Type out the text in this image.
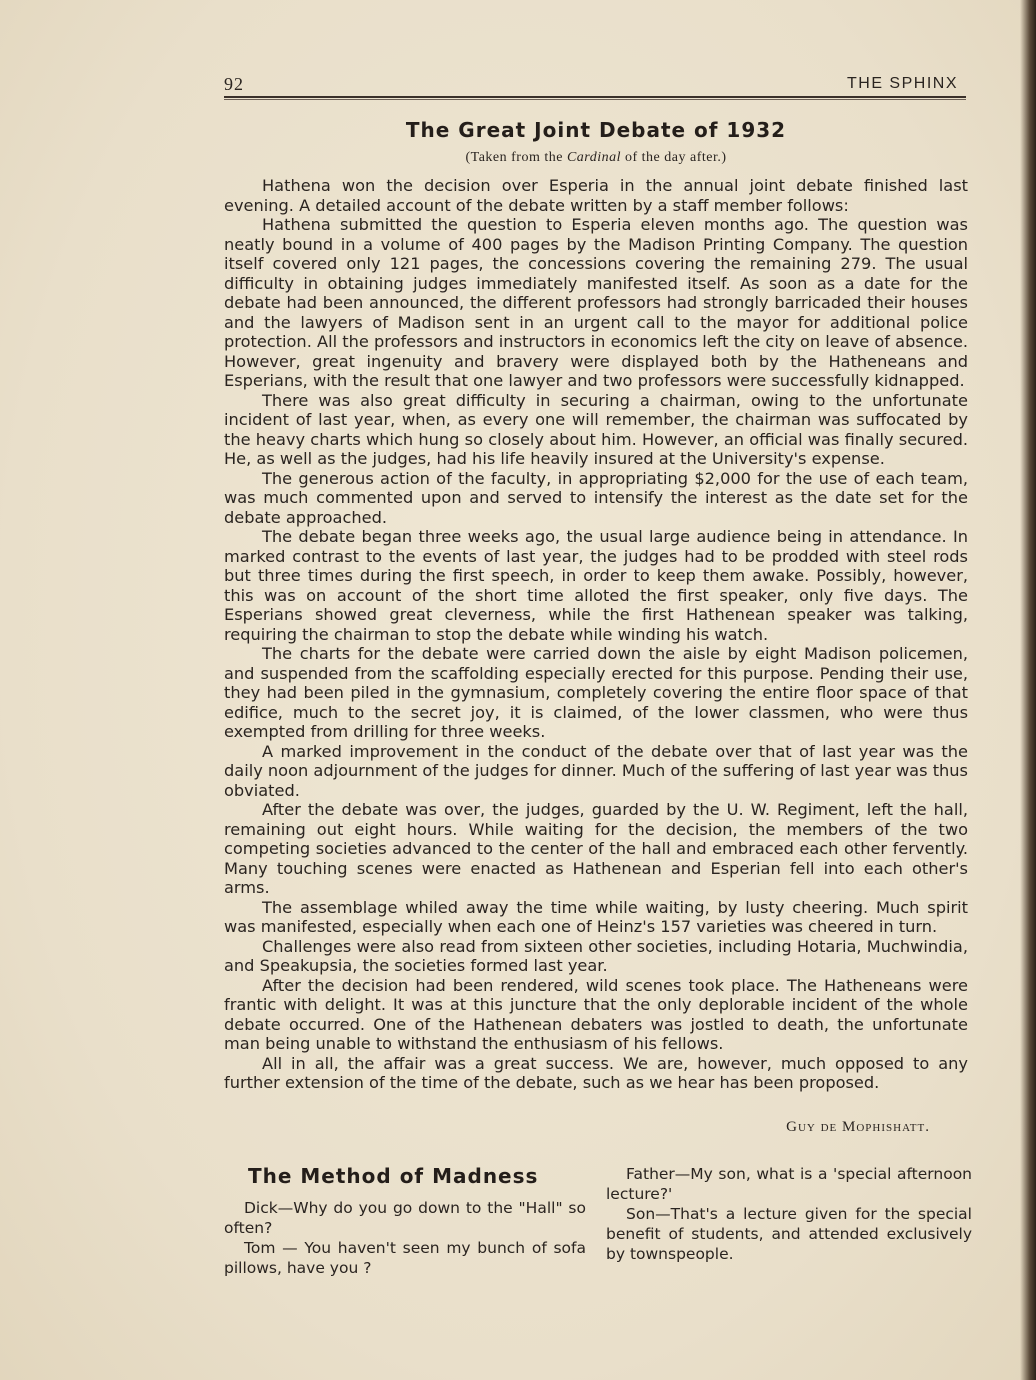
92	THE SPHINX
The Great Joint Debate of 1932
(Taken from the Cardinal of the day after.)

Hathena won the decision over Esperia in the annual joint debate finished last evening. A detailed account of the debate written by a staff member follows:

Hathena submitted the question to Esperia eleven months ago. The question was neatly bound in a volume of 400 pages by the Madison Printing Company. The question itself covered only 121 pages, the concessions covering the remaining 279. The usual difficulty in obtaining judges immediately manifested itself. As soon as a date for the debate had been announced, the different professors had strongly barricaded their houses and the lawyers of Madison sent in an urgent call to the mayor for additional police protection. All the professors and instructors in economics left the city on leave of absence. However, great ingenuity and bravery were displayed both by the Hatheneans and Esperians, with the result that one lawyer and two professors were successfully kidnapped.

There was also great difficulty in securing a chairman, owing to the unfortunate incident of last year, when, as every one will remember, the chairman was suffocated by the heavy charts which hung so closely about him. However, an official was finally secured. He, as well as the judges, had his life heavily insured at the University's expense.

The generous action of the faculty, in appropriating $2,000 for the use of each team, was much commented upon and served to intensify the interest as the date set for the debate approached.

The debate began three weeks ago, the usual large audience being in attendance. In marked contrast to the events of last year, the judges had to be prodded with steel rods but three times during the first speech, in order to keep them awake. Possibly, however, this was on account of the short time alloted the first speaker, only five days. The Esperians showed great cleverness, while the first Hathenean speaker was talking, requiring the chairman to stop the debate while winding his watch.

The charts for the debate were carried down the aisle by eight Madison policemen, and suspended from the scaffolding especially erected for this purpose. Pending their use, they had been piled in the gymnasium, completely covering the entire floor space of that edifice, much to the secret joy, it is claimed, of the lower classmen, who were thus exempted from drilling for three weeks.

A marked improvement in the conduct of the debate over that of last year was the daily noon adjournment of the judges for dinner. Much of the suffering of last year was thus obviated.

After the debate was over, the judges, guarded by the U. W. Regiment, left the hall, remaining out eight hours. While waiting for the decision, the members of the two competing societies advanced to the center of the hall and embraced each other fervently. Many touching scenes were enacted as Hathenean and Esperian fell into each other's arms.

The assemblage whiled away the time while waiting, by lusty cheering. Much spirit was manifested, especially when each one of Heinz's 157 varieties was cheered in turn.

Challenges were also read from sixteen other societies, including Hotaria, Muchwindia, and Speakupsia, the societies formed last year.

After the decision had been rendered, wild scenes took place. The Hatheneans were frantic with delight. It was at this juncture that the only deplorable incident of the whole debate occurred. One of the Hathenean debaters was jostled to death, the unfortunate man being unable to withstand the enthusiasm of his fellows.

All in all, the affair was a great success. We are, however, much opposed to any further extension of the time of the debate, such as we hear has been proposed.

Guy de Mophishatt.
The Method of Madness

Dick—Why do you go down to the "Hall" so often?

Tom — You haven't seen my bunch of sofa pillows, have you ?

Father—My son, what is a 'special afternoon lecture?'

Son—That's a lecture given for the special benefit of students, and attended exclusively by townspeople.
